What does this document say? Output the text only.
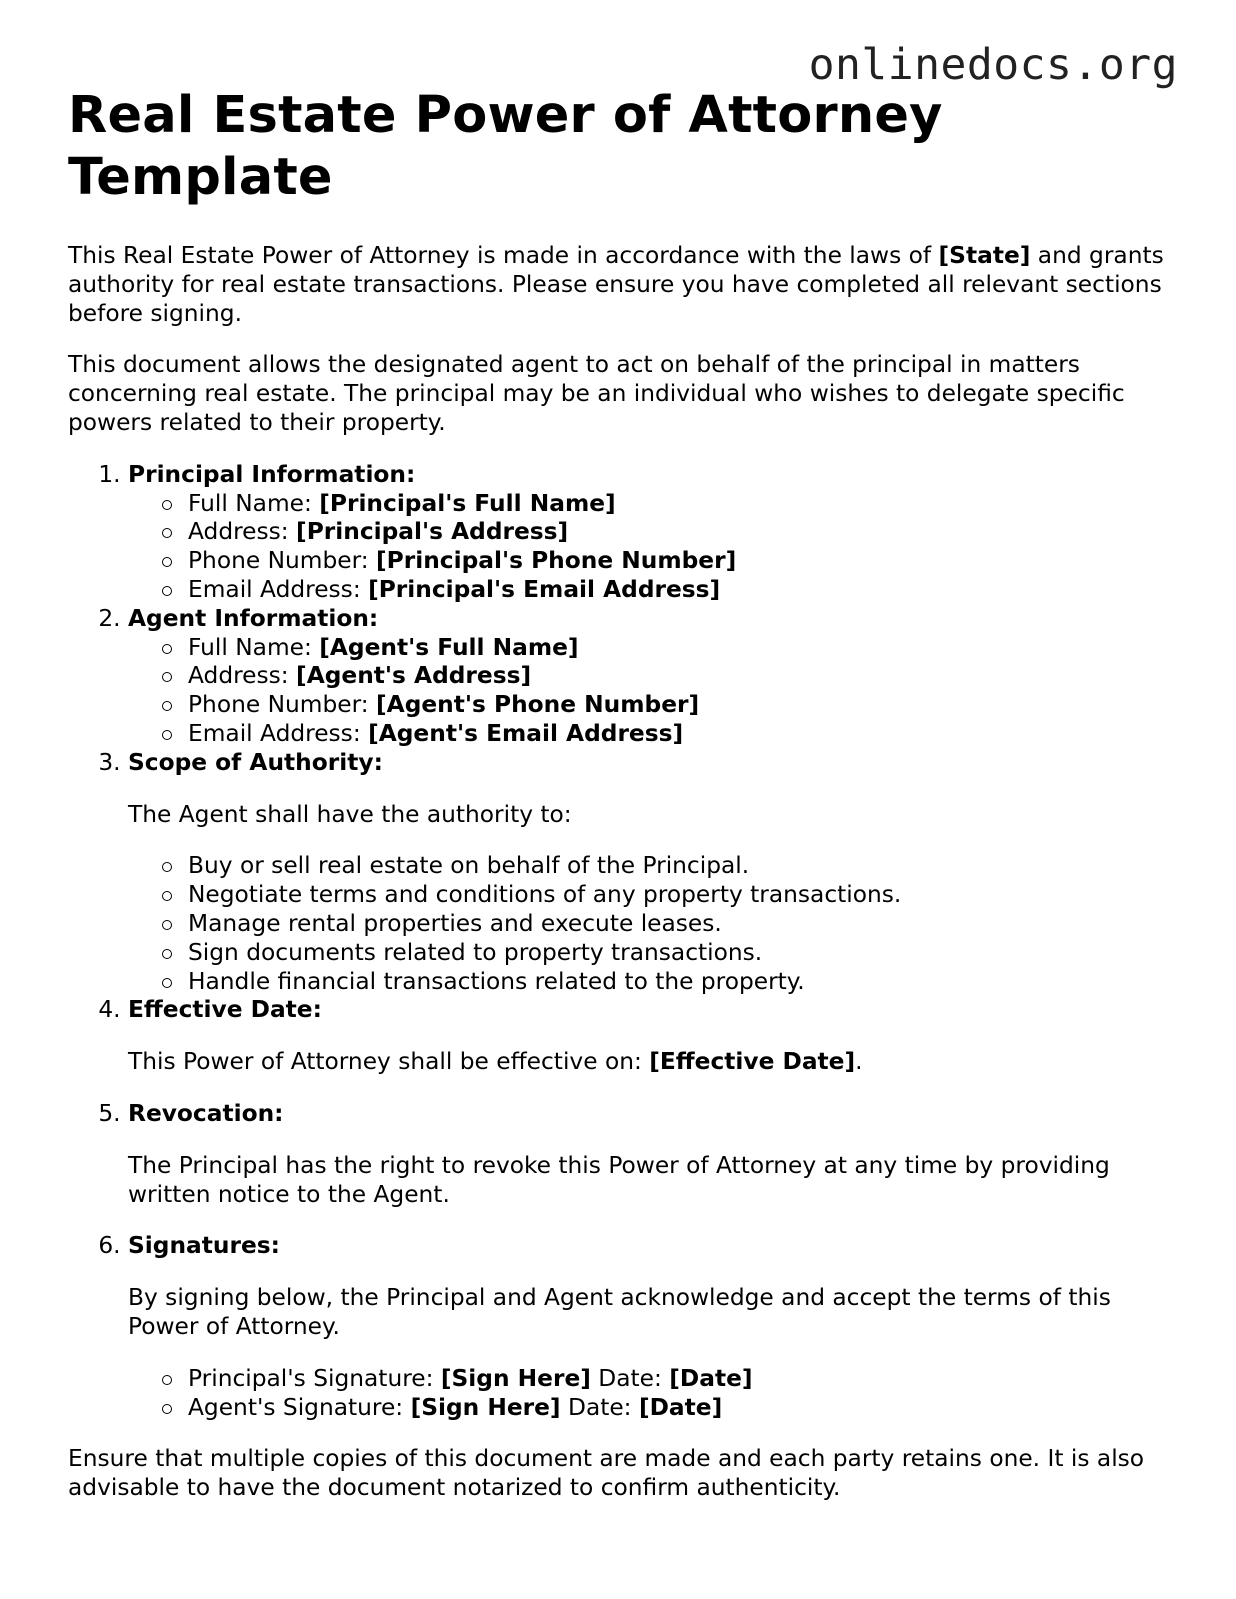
onlinedocs.org
Real Estate Power of Attorney Template

This Real Estate Power of Attorney is made in accordance with the laws of [State] and grants authority for real estate transactions. Please ensure you have completed all relevant sections before signing.

This document allows the designated agent to act on behalf of the principal in matters concerning real estate. The principal may be an individual who wishes to delegate specific powers related to their property.

1. Principal Information:
Full Name: [Principal's Full Name]
Address: [Principal's Address]
Phone Number: [Principal's Phone Number]
Email Address: [Principal's Email Address]
2. Agent Information:
Full Name: [Agent's Full Name]
Address: [Agent's Address]
Phone Number: [Agent's Phone Number]
Email Address: [Agent's Email Address]
3. Scope of Authority:

The Agent shall have the authority to:

Buy or sell real estate on behalf of the Principal.
Negotiate terms and conditions of any property transactions.
Manage rental properties and execute leases.
Sign documents related to property transactions.
Handle financial transactions related to the property.
4. Effective Date:

This Power of Attorney shall be effective on: [Effective Date].

5. Revocation:

The Principal has the right to revoke this Power of Attorney at any time by providing written notice to the Agent.

6. Signatures:

By signing below, the Principal and Agent acknowledge and accept the terms of this Power of Attorney.

Principal's Signature: [Sign Here] Date: [Date]
Agent's Signature: [Sign Here] Date: [Date]

Ensure that multiple copies of this document are made and each party retains one. It is also advisable to have the document notarized to confirm authenticity.
